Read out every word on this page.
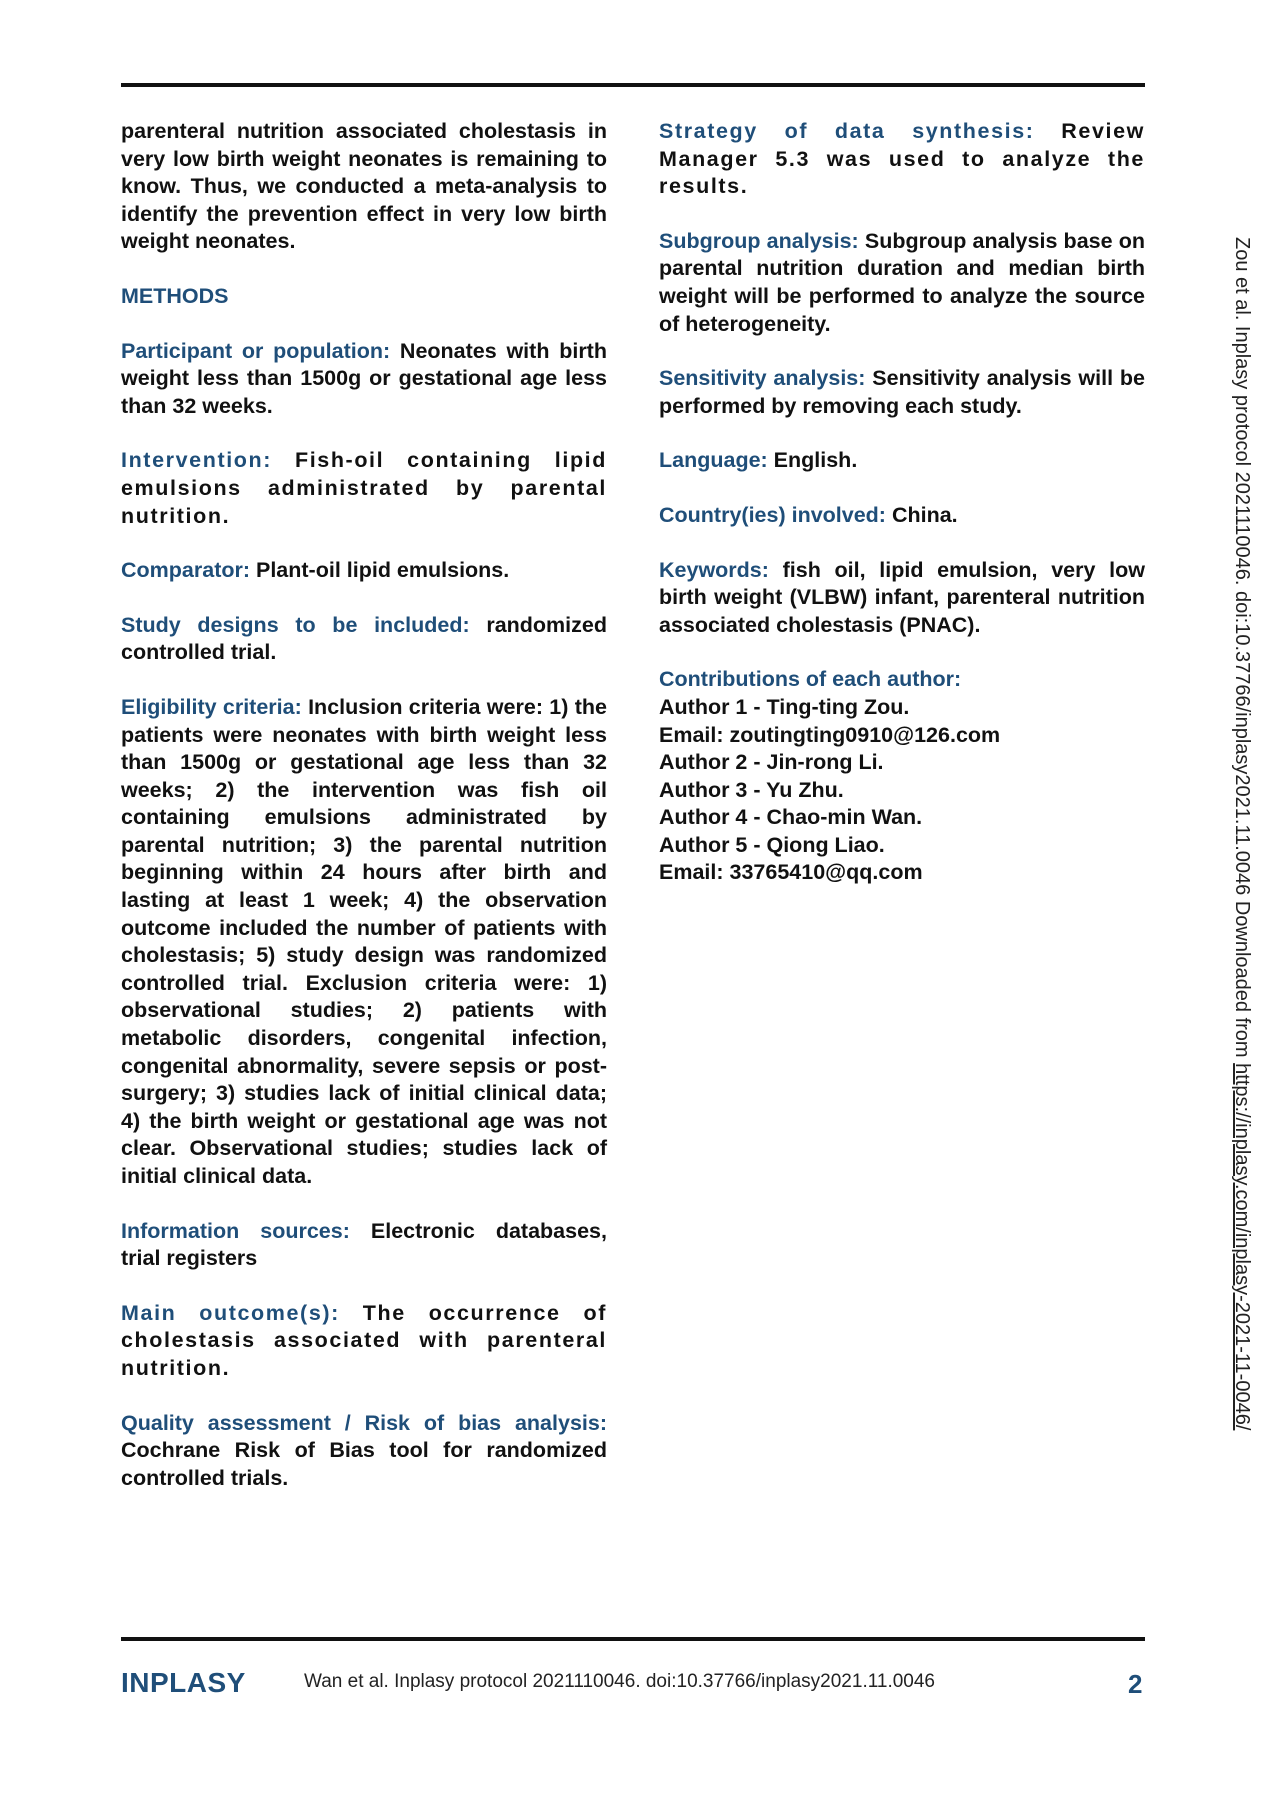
parenteral nutrition associated cholestasis in very low birth weight neonates is remaining to know. Thus, we conducted a meta-analysis to identify the prevention effect in very low birth weight neonates.

METHODS

Participant or population: Neonates with birth weight less than 1500g or gestational age less than 32 weeks.

Intervention: Fish-oil containing lipid emulsions administrated by parental nutrition.

Comparator: Plant-oil lipid emulsions.

Study designs to be included: randomized controlled trial.

Eligibility criteria: Inclusion criteria were: 1) the patients were neonates with birth weight less than 1500g or gestational age less than 32 weeks; 2) the intervention was fish oil containing emulsions administrated by parental nutrition; 3) the parental nutrition beginning within 24 hours after birth and lasting at least 1 week; 4) the observation outcome included the number of patients with cholestasis; 5) study design was randomized controlled trial. Exclusion criteria were: 1) observational studies; 2) patients with metabolic disorders, congenital infection, congenital abnormality, severe sepsis or post-surgery; 3) studies lack of initial clinical data; 4) the birth weight or gestational age was not clear. Observational studies; studies lack of initial clinical data.

Information sources: Electronic databases, trial registers

Main outcome(s): The occurrence of cholestasis associated with parenteral nutrition.

Quality assessment / Risk of bias analysis: Cochrane Risk of Bias tool for randomized controlled trials.

Strategy of data synthesis: Review Manager 5.3 was used to analyze the results.

Subgroup analysis: Subgroup analysis base on parental nutrition duration and median birth weight will be performed to analyze the source of heterogeneity.

Sensitivity analysis: Sensitivity analysis will be performed by removing each study.

Language: English.

Country(ies) involved: China.

Keywords: fish oil, lipid emulsion, very low birth weight (VLBW) infant, parenteral nutrition associated cholestasis (PNAC).

Contributions of each author:
Author 1 - Ting-ting Zou.
Email: zoutingting0910@126.com
Author 2 - Jin-rong Li.
Author 3 - Yu Zhu.
Author 4 - Chao-min Wan.
Author 5 - Qiong Liao.
Email: 33765410@qq.com	Zou et al. Inplasy protocol 2021110046. doi:10.37766/inplasy2021.11.0046 Downloaded from https://inplasy.com/inplasy-2021-11-0046/
INPLASY	Wan et al. Inplasy protocol 2021110046. doi:10.37766/inplasy2021.11.0046	2
